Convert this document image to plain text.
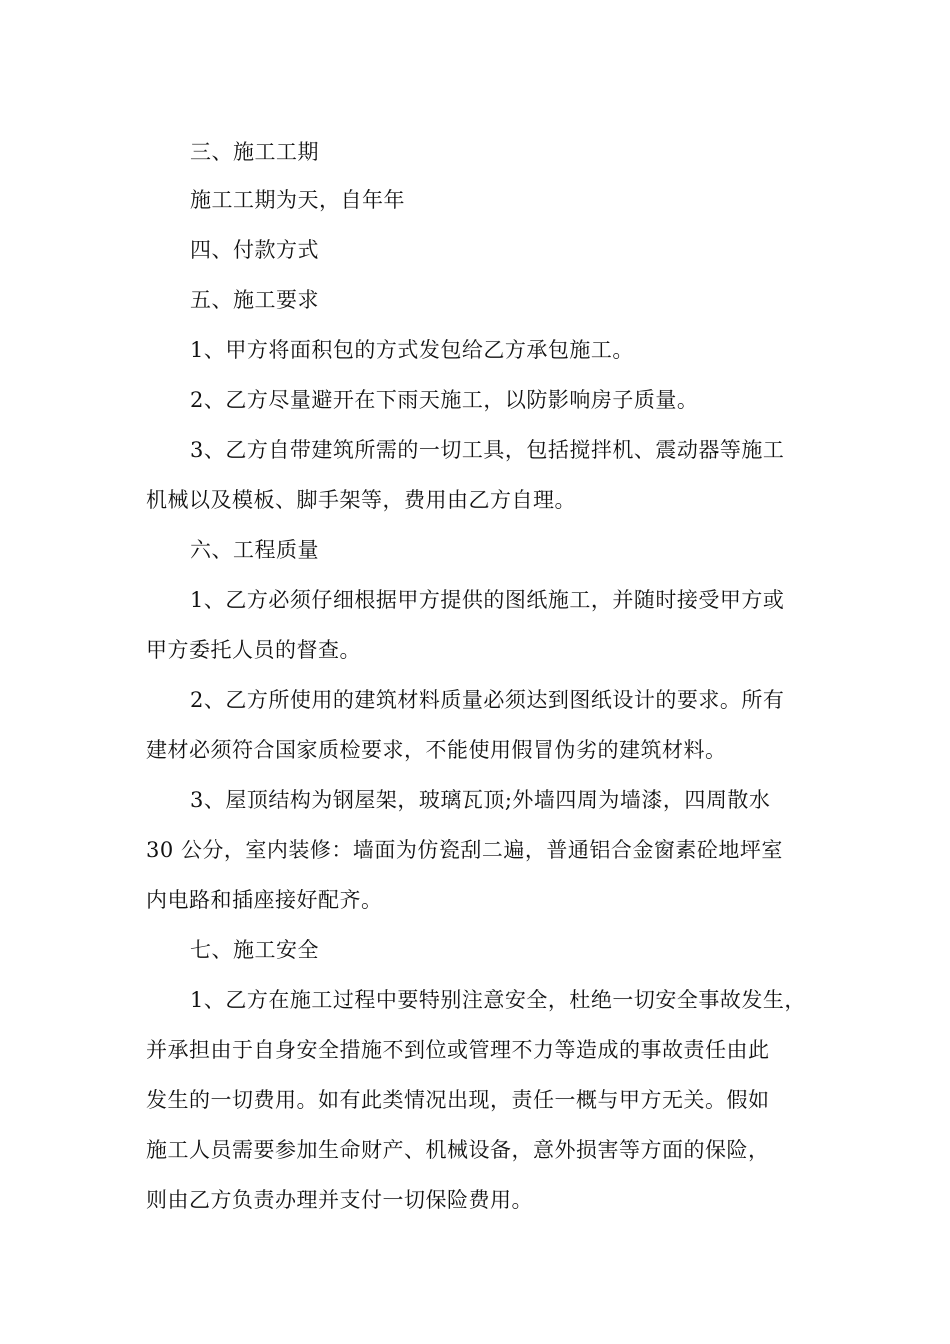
三、施工工期
施工工期为天，自年年
四、付款方式
五、施工要求
1、甲方将面积包的方式发包给乙方承包施工。
2、乙方尽量避开在下雨天施工，以防影响房子质量。
3、乙方自带建筑所需的一切工具，包括搅拌机、震动器等施工
机械以及模板、脚手架等，费用由乙方自理。
六、工程质量
1、乙方必须仔细根据甲方提供的图纸施工，并随时接受甲方或
甲方委托人员的督查。
2、乙方所使用的建筑材料质量必须达到图纸设计的要求。所有
建材必须符合国家质检要求，不能使用假冒伪劣的建筑材料。
3、屋顶结构为钢屋架，玻璃瓦顶;外墙四周为墙漆，四周散水
30 公分，室内装修：墙面为仿瓷刮二遍，普通铝合金窗素砼地坪室
内电路和插座接好配齐。
七、施工安全
1、乙方在施工过程中要特别注意安全，杜绝一切安全事故发生，
并承担由于自身安全措施不到位或管理不力等造成的事故责任由此
发生的一切费用。如有此类情况出现，责任一概与甲方无关。假如
施工人员需要参加生命财产、机械设备，意外损害等方面的保险，
则由乙方负责办理并支付一切保险费用。
